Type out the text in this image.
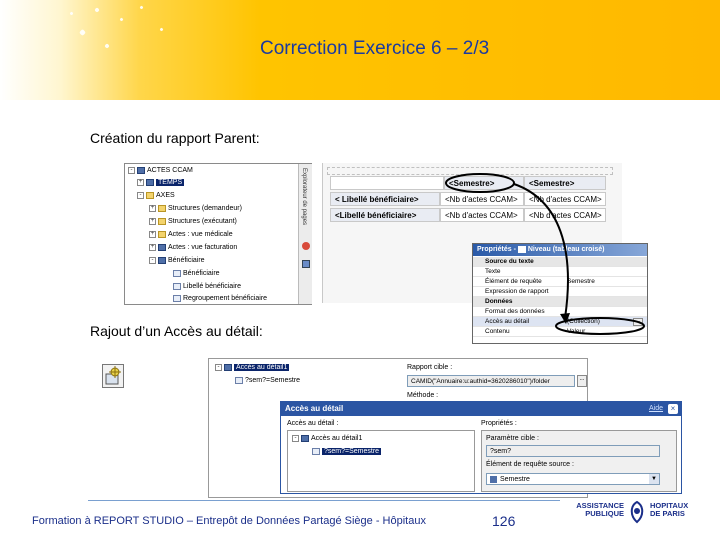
Correction Exercice 6 – 2/3
Création du rapport Parent:
-	ACTES CCAM
+ TEMPS
-	AXES
+ Structures (demandeur)
+ Structures (exécutant)
+ Actes : vue médicale
+ Actes : vue facturation
-	Bénéficiaire
Bénéficiaire
Libellé bénéficiaire
Regroupement bénéficiaire
Explorateur de pages	<Semestre>	<Semestre>
< Libellé bénéficiaire>	<Nb d'actes CCAM>	<Nb d'actes CCAM>
<Libellé bénéficiaire>	<Nb d'actes CCAM>	<Nb d'actes CCAM>
Propriétés - Niveau (tableau croisé)
Source du texte
Texte
Élément de requête	Semestre
Expression de rapport
Données
Format des données
Accès au détail	(Collection)	...
Contenu	Valeur
Rajout d’un Accès au détail:
-	Accès au détail1
?sem?=Semestre
Rapport cible :
CAMID("Annuaire:u:authid=3620286010")/folder	...
Méthode :
Accès au détail	Aide ×
Accès au détail :
-	Accès au détail1
?sem?=Semestre
Propriétés :
Paramètre cible :
?sem?
Élément de requête source :
Semestre	▼
Formation à REPORT STUDIO – Entrepôt de Données Partagé Siège - Hôpitaux	126
ASSISTANCE
PUBLIQUE
HOPITAUX
DE PARIS
